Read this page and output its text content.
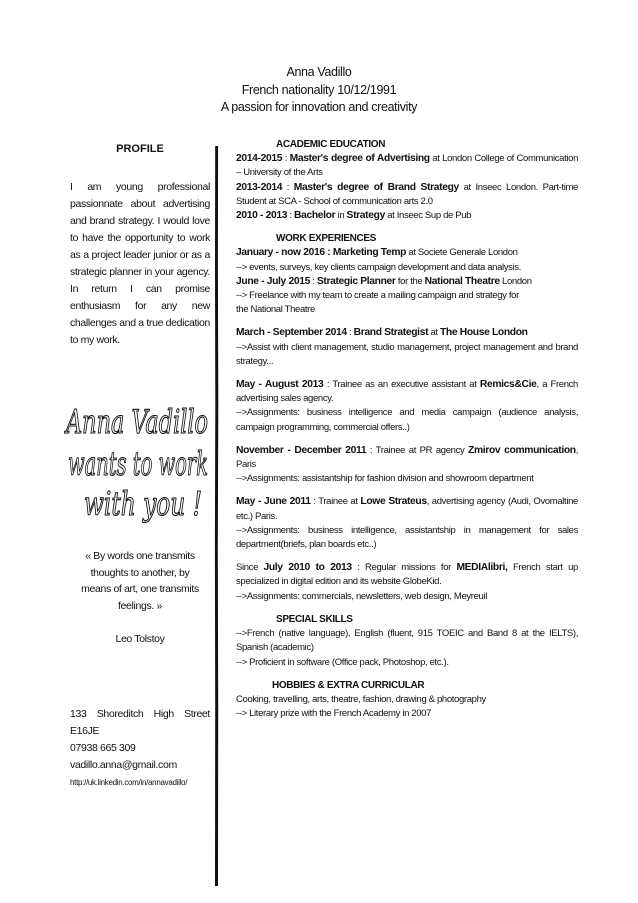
Anna Vadillo
French nationality 10/12/1991
A passion for innovation and creativity
PROFILE
I am young professional passionnate about advertising and brand strategy. I would love to have the opportunity to work as a project leader junior or as a strategic planner in your agency. In return I can promise enthusiasm for any new challenges and a true dedication to my work.
Anna Vadillo
wants to work
with you !
« By words one transmits thoughts to another, by means of art, one transmits feelings. »
Leo Tolstoy
133 Shoreditch High Street
E16JE
07938 665 309
vadillo.anna@gmail.com
http://uk.linkedin.com/in/annavadillo/
ACADEMIC EDUCATION

2014-2015 : Master's degree of Advertising at London College of Communication – University of the Arts

2013-2014 : Master's degree of Brand Strategy at Inseec London. Part-time Student at SCA - School of communication arts 2.0

2010 - 2013 : Bachelor in Strategy at Inseec Sup de Pub

WORK EXPERIENCES

January - now 2016 : Marketing Temp at Societe Generale London

--> events, surveys, key clients campaign development and data analysis.

June - July 2015 : Strategic Planner for the National Theatre London

--> Freelance with my team to create a mailing campaign and strategy for

the National Theatre

March - September 2014 : Brand Strategist at The House London

-->Assist with client management, studio management, project management and brand strategy...

May - August 2013 : Trainee as an executive assistant at Remics&Cie, a French advertising sales agency.

-->Assignments: business intelligence and media campaign (audience analysis, campaign programming, commercial offers..)

November - December 2011 : Trainee at PR agency Zmirov communication, Paris

-->Assignments: assistantship for fashion division and showroom department

May - June 2011 : Trainee at Lowe Strateus, advertising agency (Audi, Ovomaltine etc.) Paris.

-->Assignments: business intelligence, assistantship in management for sales department(briefs, plan boards etc..)

Since July 2010 to 2013 : Regular missions for MEDIAlibri, French start up specialized in digital edition and its website GlobeKid.

-->Assignments: commercials, newsletters, web design, Meyreuil

SPECIAL SKILLS

-->French (native language), English (fluent, 915 TOEIC and Band 8 at the IELTS), Spanish (academic)

--> Proficient in software (Office pack, Photoshop, etc.).

HOBBIES & EXTRA CURRICULAR

Cooking, travelling, arts, theatre, fashion, drawing & photography

--> Literary prize with the French Academy in 2007
